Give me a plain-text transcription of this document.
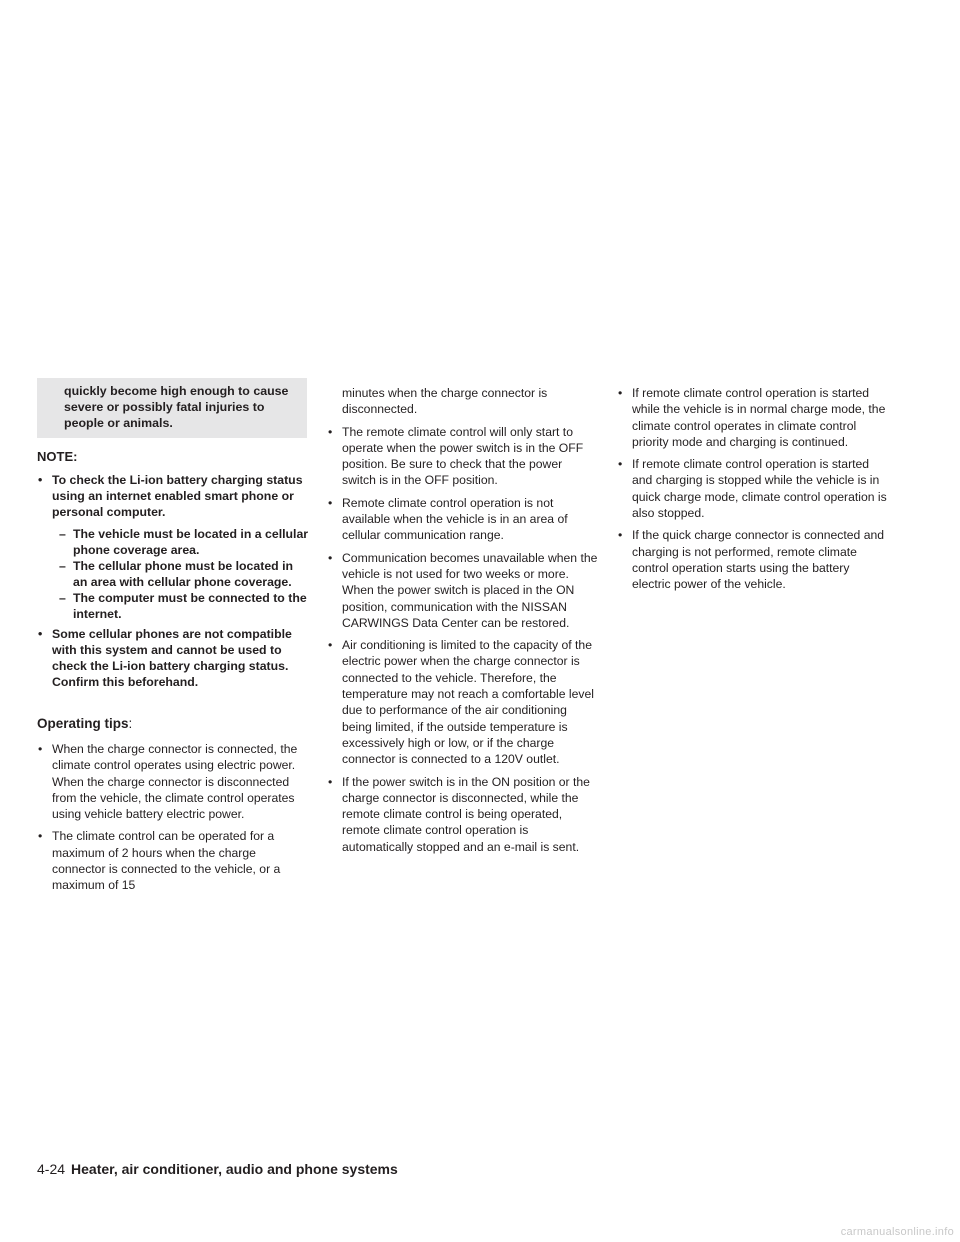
quickly become high enough to cause severe or possibly fatal injuries to people or animals.
NOTE:
• To check the Li-ion battery charging status using an internet enabled smart phone or personal computer.
– The vehicle must be located in a cellular phone coverage area.
– The cellular phone must be located in an area with cellular phone coverage.
– The computer must be connected to the internet.
• Some cellular phones are not compatible with this system and cannot be used to check the Li-ion battery charging status. Confirm this beforehand.
Operating tips:
• When the charge connector is connected, the climate control operates using electric power. When the charge connector is disconnected from the vehicle, the climate control operates using vehicle battery electric power.
• The climate control can be operated for a maximum of 2 hours when the charge connector is connected to the vehicle, or a maximum of 15
minutes when the charge connector is disconnected.
• The remote climate control will only start to operate when the power switch is in the OFF position. Be sure to check that the power switch is in the OFF position.
• Remote climate control operation is not available when the vehicle is in an area of cellular communication range.
• Communication becomes unavailable when the vehicle is not used for two weeks or more. When the power switch is placed in the ON position, communication with the NISSAN CARWINGS Data Center can be restored.
• Air conditioning is limited to the capacity of the electric power when the charge connector is connected to the vehicle. Therefore, the temperature may not reach a comfortable level due to performance of the air conditioning being limited, if the outside temperature is excessively high or low, or if the charge connector is connected to a 120V outlet.
• If the power switch is in the ON position or the charge connector is disconnected, while the remote climate control is being operated, remote climate control operation is automatically stopped and an e-mail is sent.
• If remote climate control operation is started while the vehicle is in normal charge mode, the climate control operates in climate control priority mode and charging is continued.
• If remote climate control operation is started and charging is stopped while the vehicle is in quick charge mode, climate control operation is also stopped.
• If the quick charge connector is connected and charging is not performed, remote climate control operation starts using the battery electric power of the vehicle.
4-24 Heater, air conditioner, audio and phone systems
carmanualsonline.info
